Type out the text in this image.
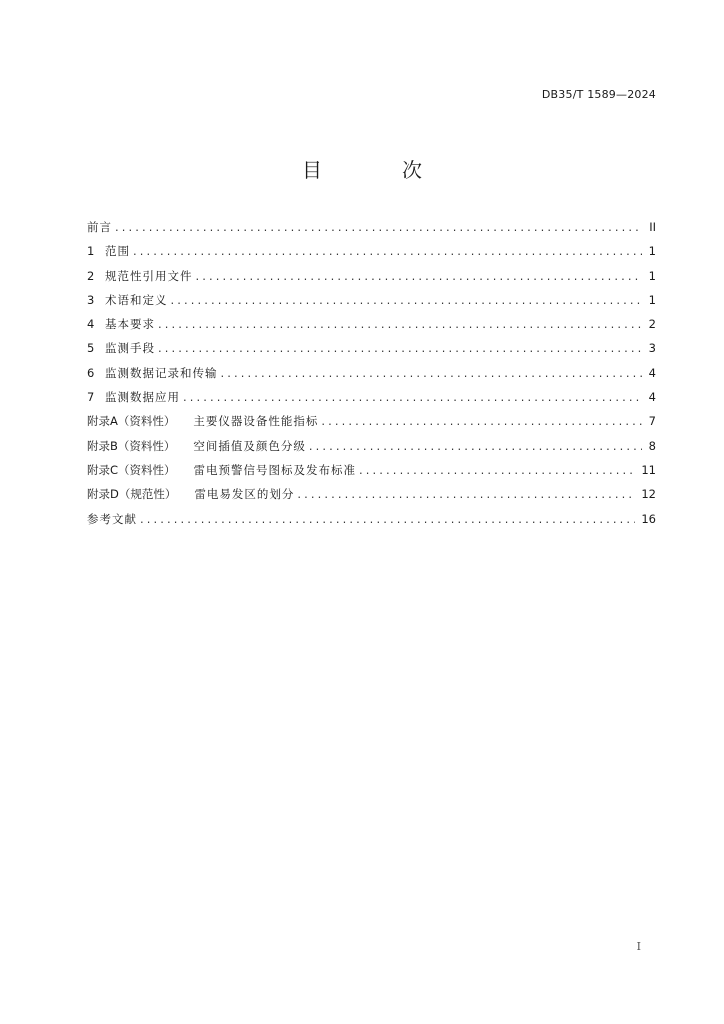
DB35/T 1589—2024
目　次
前言 .....	II
1 范围 .....	1
2 规范性引用文件 .....	1
3 术语和定义 .....	1
4 基本要求 .....	2
5 监测手段 .....	3
6 监测数据记录和传输 .....	4
7 监测数据应用 .....	4
附录A（资料性） 主要仪器设备性能指标 .....	7
附录B（资料性） 空间插值及颜色分级 .....	8
附录C（资料性） 雷电预警信号图标及发布标准 .....	11
附录D（规范性） 雷电易发区的划分 .....	12
参考文献 .....	16
I
